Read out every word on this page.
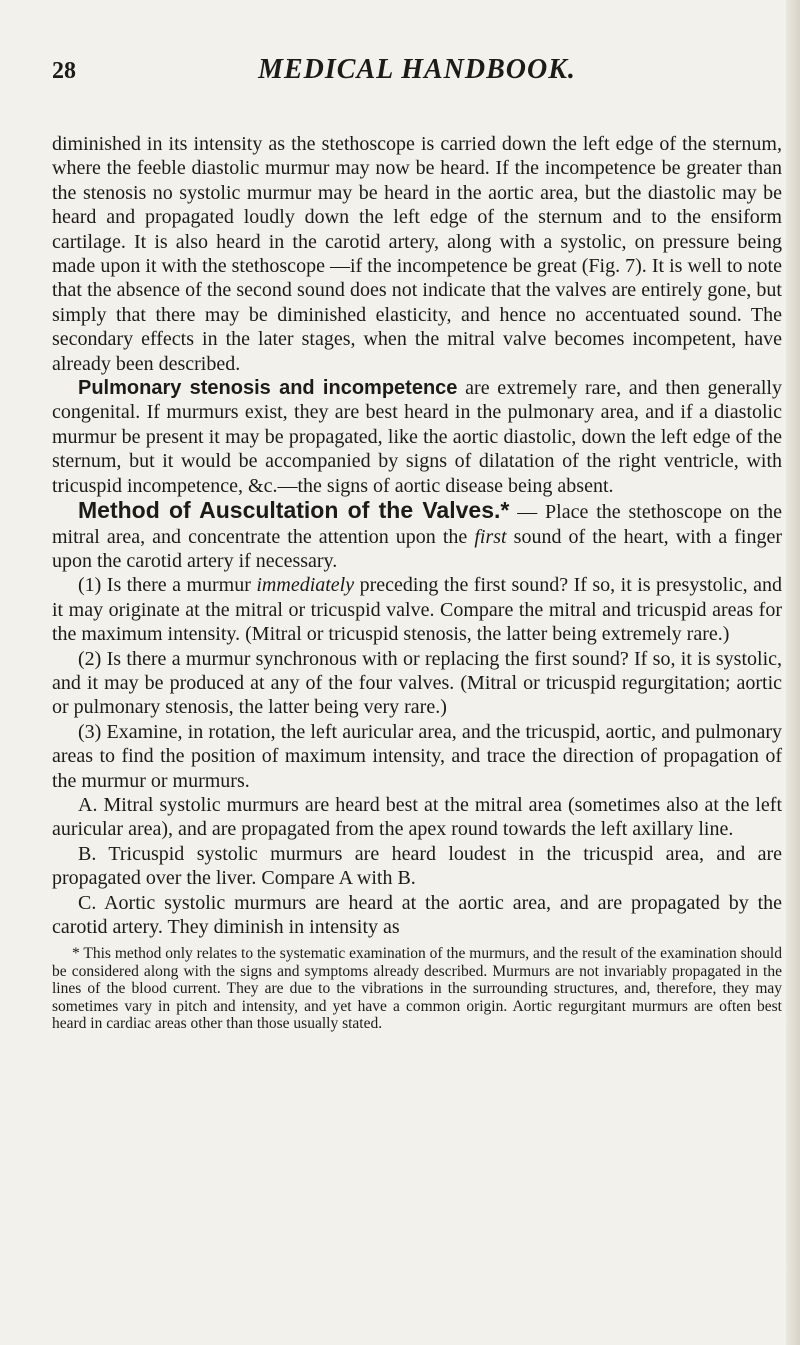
28	MEDICAL HANDBOOK.

diminished in its intensity as the stethoscope is carried down the left edge of the sternum, where the feeble diastolic murmur may now be heard. If the incompetence be greater than the stenosis no systolic murmur may be heard in the aortic area, but the diastolic may be heard and propagated loudly down the left edge of the sternum and to the ensiform cartilage. It is also heard in the carotid artery, along with a systolic, on pressure being made upon it with the stethoscope —if the incompetence be great (Fig. 7). It is well to note that the absence of the second sound does not indicate that the valves are entirely gone, but simply that there may be diminished elasticity, and hence no accentuated sound. The secondary effects in the later stages, when the mitral valve becomes incompetent, have already been described.

Pulmonary stenosis and incompetence are extremely rare, and then generally congenital. If murmurs exist, they are best heard in the pulmonary area, and if a diastolic murmur be present it may be propagated, like the aortic diastolic, down the left edge of the sternum, but it would be accompanied by signs of dilatation of the right ventricle, with tricuspid incompetence, &c.—the signs of aortic disease being absent.

Method of Auscultation of the Valves.* — Place the stethoscope on the mitral area, and concentrate the attention upon the first sound of the heart, with a finger upon the carotid artery if necessary.

(1) Is there a murmur immediately preceding the first sound? If so, it is presystolic, and it may originate at the mitral or tricuspid valve. Compare the mitral and tricuspid areas for the maximum intensity. (Mitral or tricuspid stenosis, the latter being extremely rare.)

(2) Is there a murmur synchronous with or replacing the first sound? If so, it is systolic, and it may be produced at any of the four valves. (Mitral or tricuspid regurgitation; aortic or pulmonary stenosis, the latter being very rare.)

(3) Examine, in rotation, the left auricular area, and the tricuspid, aortic, and pulmonary areas to find the position of maximum intensity, and trace the direction of propagation of the murmur or murmurs.

A. Mitral systolic murmurs are heard best at the mitral area (sometimes also at the left auricular area), and are propagated from the apex round towards the left axillary line.

B. Tricuspid systolic murmurs are heard loudest in the tricuspid area, and are propagated over the liver. Compare A with B.

C. Aortic systolic murmurs are heard at the aortic area, and are propagated by the carotid artery. They diminish in intensity as

* This method only relates to the systematic examination of the murmurs, and the result of the examination should be considered along with the signs and symptoms already described. Murmurs are not invariably propagated in the lines of the blood current. They are due to the vibrations in the surrounding structures, and, therefore, they may sometimes vary in pitch and intensity, and yet have a common origin. Aortic regurgitant murmurs are often best heard in cardiac areas other than those usually stated.
